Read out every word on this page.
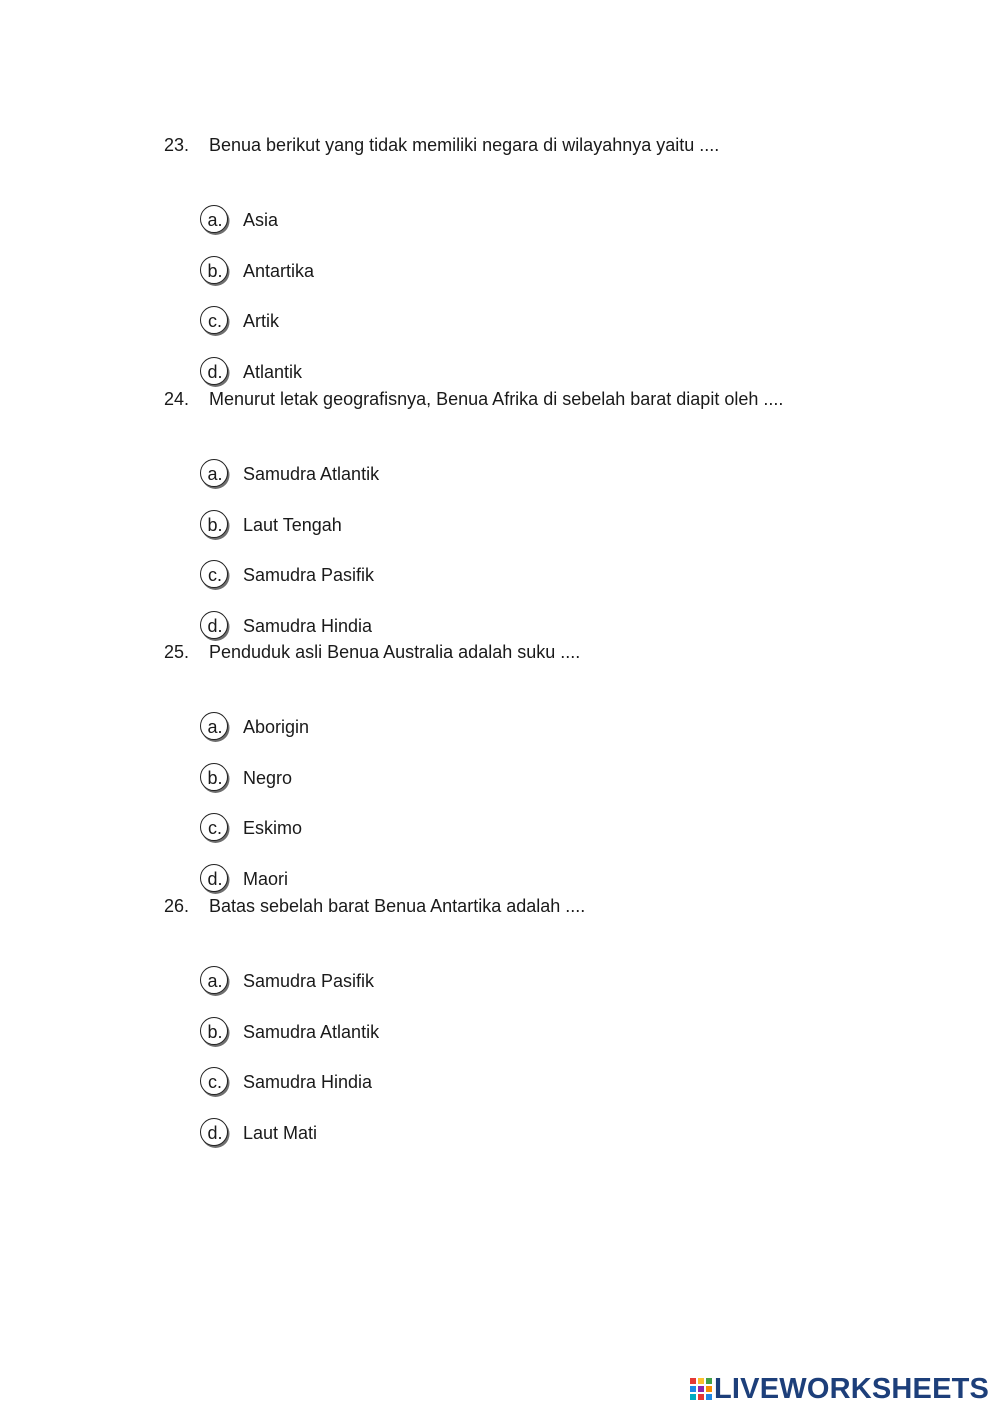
23. Benua berikut yang tidak memiliki negara di wilayahnya yaitu ....
a.	Asia
b.	Antartika
c.	Artik
d.	Atlantik
24. Menurut letak geografisnya, Benua Afrika di sebelah barat diapit oleh ....
a.	Samudra Atlantik
b.	Laut Tengah
c.	Samudra Pasifik
d.	Samudra Hindia
25. Penduduk asli Benua Australia adalah suku ....
a.	Aborigin
b.	Negro
c.	Eskimo
d.	Maori
26. Batas sebelah barat Benua Antartika adalah ....
a.	Samudra Pasifik
b.	Samudra Atlantik
c.	Samudra Hindia
d.	Laut Mati
LIVEWORKSHEETS
